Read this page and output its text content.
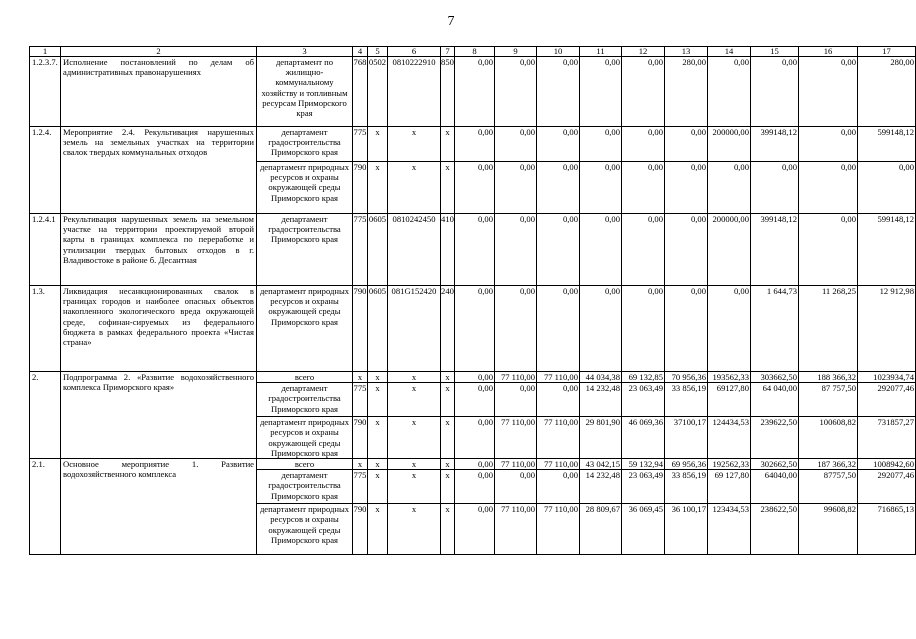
7
1	2	3	4	5	6	7	8	9	10	11	12	13	14	15	16	17
1.2.3.7.	Исполнение постановлений по делам об административных правонарушениях	департамент по жилищно-коммунальному хозяйству и топливным ресурсам Приморского края	768	0502	0810222910	850	0,00	0,00	0,00	0,00	0,00	280,00	0,00	0,00	0,00	280,00
1.2.4.	Мероприятие 2.4. Рекультивация нарушенных земель на земельных участках на территории свалок твердых коммунальных отходов	департамент градостроительства Приморского края	775	x	x	x	0,00	0,00	0,00	0,00	0,00	0,00	200000,00	399148,12	0,00	599148,12
		департамент природных ресурсов и охраны окружающей среды Приморского края	790	x	x	x	0,00	0,00	0,00	0,00	0,00	0,00	0,00	0,00	0,00	0,00
1.2.4.1	Рекультивация нарушенных земель на земельном участке на территории проектируемой второй карты в границах комплекса по переработке и утилизации твердых бытовых отходов в г. Владивостоке в районе б. Десантная	департамент градостроительства Приморского края	775	0605	0810242450	410	0,00	0,00	0,00	0,00	0,00	0,00	200000,00	399148,12	0,00	599148,12
1.3.	Ликвидация несанкционированных свалок в границах городов и наиболее опасных объектов накопленного экологического вреда окружающей среде, софинан-сируемых из федерального бюджета в рамках федерального проекта «Чистая страна»	департамент природных ресурсов и охраны окружающей среды Приморского края	790	0605	081G152420	240	0,00	0,00	0,00	0,00	0,00	0,00	0,00	1 644,73	11 268,25	12 912,98
2.	Подпрограмма 2. «Развитие водохозяйственного комплекса Приморского края»	всего	x	x	x	x	0,00	77 110,00	77 110,00	44 034,38	69 132,85	70 956,36	193562,33	303662,50	188 366,32	1023934,74
		департамент градостроительства Приморского края	775	x	x	x	0,00	0,00	0,00	14 232,48	23 063,49	33 856,19	69127,80	64 040,00	87 757,50	292077,46
		департамент природных ресурсов и охраны окружающей среды Приморского края	790	x	x	x	0,00	77 110,00	77 110,00	29 801,90	46 069,36	37100,17	124434,53	239622,50	100608,82	731857,27
2.1.	Основное мероприятие 1. Развитие водохозяйственного комплекса	всего	x	x	x	x	0,00	77 110,00	77 110,00	43 042,15	59 132,94	69 956,36	192562,33	302662,50	187 366,32	1008942,60
		департамент градостроительства Приморского края	775	x	x	x	0,00	0,00	0,00	14 232,48	23 063,49	33 856,19	69 127,80	64040,00	87757,50	292077,46
		департамент природных ресурсов и охраны окружающей среды Приморского края	790	x	x	x	0,00	77 110,00	77 110,00	28 809,67	36 069,45	36 100,17	123434,53	238622,50	99608,82	716865,13
